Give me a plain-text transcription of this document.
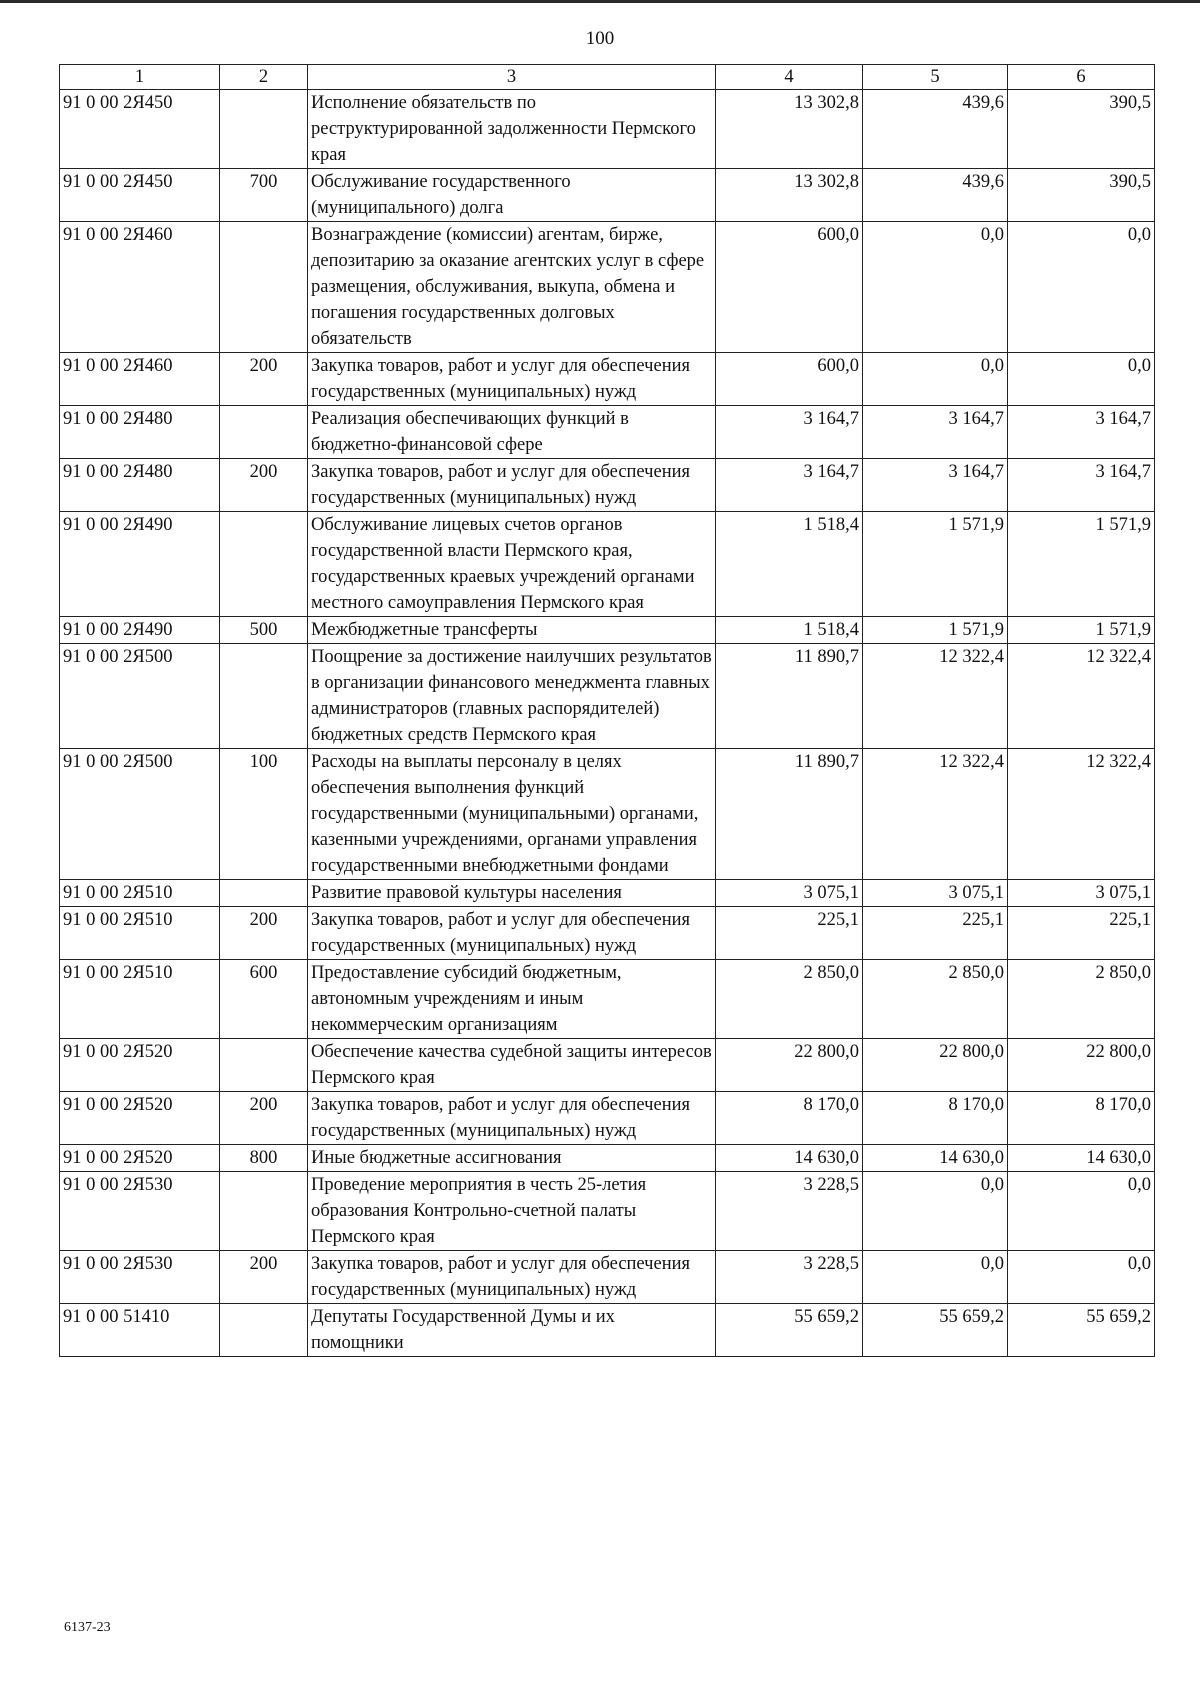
100
1	2	3	4	5	6
91 0 00 2Я450		Исполнение обязательств по реструктурированной задолженности Пермского края	13 302,8	439,6	390,5
91 0 00 2Я450	700	Обслуживание государственного (муниципального) долга	13 302,8	439,6	390,5
91 0 00 2Я460		Вознаграждение (комиссии) агентам, бирже, депозитарию за оказание агентских услуг в сфере размещения, обслуживания, выкупа, обмена и погашения государственных долговых обязательств	600,0	0,0	0,0
91 0 00 2Я460	200	Закупка товаров, работ и услуг для обеспечения государственных (муниципальных) нужд	600,0	0,0	0,0
91 0 00 2Я480		Реализация обеспечивающих функций в бюджетно-финансовой сфере	3 164,7	3 164,7	3 164,7
91 0 00 2Я480	200	Закупка товаров, работ и услуг для обеспечения государственных (муниципальных) нужд	3 164,7	3 164,7	3 164,7
91 0 00 2Я490		Обслуживание лицевых счетов органов государственной власти Пермского края, государственных краевых учреждений органами местного самоуправления Пермского края	1 518,4	1 571,9	1 571,9
91 0 00 2Я490	500	Межбюджетные трансферты	1 518,4	1 571,9	1 571,9
91 0 00 2Я500		Поощрение за достижение наилучших результатов в организации финансового менеджмента главных администраторов (главных распорядителей) бюджетных средств Пермского края	11 890,7	12 322,4	12 322,4
91 0 00 2Я500	100	Расходы на выплаты персоналу в целях обеспечения выполнения функций государственными (муниципальными) органами, казенными учреждениями, органами управления государственными внебюджетными фондами	11 890,7	12 322,4	12 322,4
91 0 00 2Я510		Развитие правовой культуры населения	3 075,1	3 075,1	3 075,1
91 0 00 2Я510	200	Закупка товаров, работ и услуг для обеспечения государственных (муниципальных) нужд	225,1	225,1	225,1
91 0 00 2Я510	600	Предоставление субсидий бюджетным, автономным учреждениям и иным некоммерческим организациям	2 850,0	2 850,0	2 850,0
91 0 00 2Я520		Обеспечение качества судебной защиты интересов Пермского края	22 800,0	22 800,0	22 800,0
91 0 00 2Я520	200	Закупка товаров, работ и услуг для обеспечения государственных (муниципальных) нужд	8 170,0	8 170,0	8 170,0
91 0 00 2Я520	800	Иные бюджетные ассигнования	14 630,0	14 630,0	14 630,0
91 0 00 2Я530		Проведение мероприятия в честь 25-летия образования Контрольно-счетной палаты Пермского края	3 228,5	0,0	0,0
91 0 00 2Я530	200	Закупка товаров, работ и услуг для обеспечения государственных (муниципальных) нужд	3 228,5	0,0	0,0
91 0 00 51410		Депутаты Государственной Думы и их помощники	55 659,2	55 659,2	55 659,2
6137-23
